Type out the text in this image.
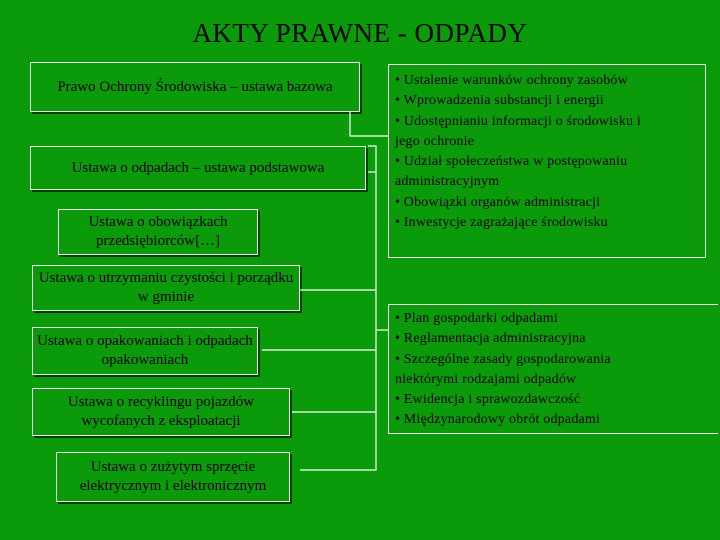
AKTY PRAWNE - ODPADY
Prawo Ochrony Środowiska – ustawa bazowa
Ustawa o odpadach – ustawa podstawowa
Ustawa o obowiązkach przedsiębiorców[…]
Ustawa o utrzymaniu czystości i porządku w gminie
Ustawa o opakowaniach i odpadach opakowaniach
Ustawa o recyklingu pojazdów wycofanych z eksploatacji
Ustawa o zużytym sprzęcie elektrycznym i elektronicznym
• Ustalenie warunków ochrony zasobów
• Wprowadzenia substancji i energii
• Udostępnianiu informacji o środowisku i
jego ochronie
• Udział społeczeństwa w postępowaniu
administracyjnym
• Obowiązki organów administracji
• Inwestycje zagrażające środowisku
• Plan gospodarki odpadami
• Reglamentacja administracyjna
• Szczególne zasady gospodarowania
niektórymi rodzajami odpadów
• Ewidencja i sprawozdawczość
• Międzynarodowy obrót odpadami
